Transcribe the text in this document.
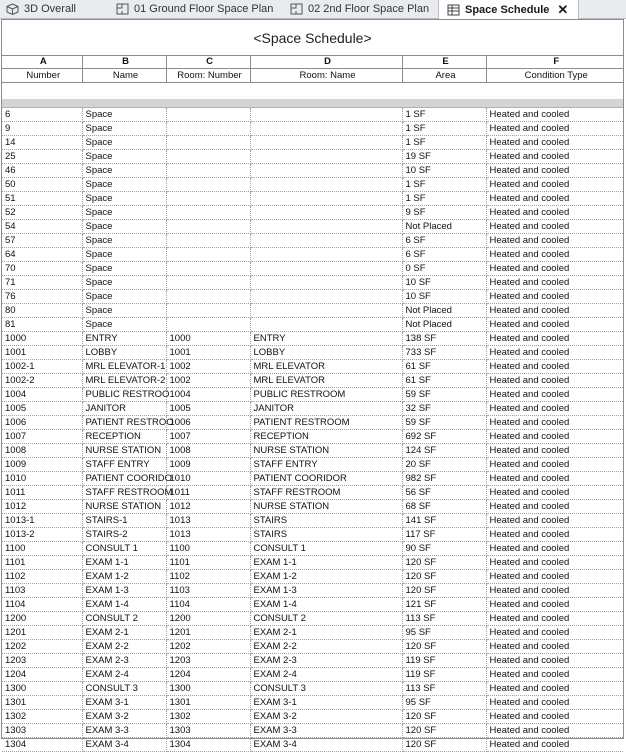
3D Overall	01 Ground Floor Space Plan	02 2nd Floor Space Plan	Space Schedule ✕
<Space Schedule>
A	B	C	D	E	F
Number	Name	Room: Number	Room: Name	Area	Condition Type
6	Space			1 SF	Heated and cooled
9	Space			1 SF	Heated and cooled
14	Space			1 SF	Heated and cooled
25	Space			19 SF	Heated and cooled
46	Space			10 SF	Heated and cooled
50	Space			1 SF	Heated and cooled
51	Space			1 SF	Heated and cooled
52	Space			9 SF	Heated and cooled
54	Space			Not Placed	Heated and cooled
57	Space			6 SF	Heated and cooled
64	Space			6 SF	Heated and cooled
70	Space			0 SF	Heated and cooled
71	Space			10 SF	Heated and cooled
76	Space			10 SF	Heated and cooled
80	Space			Not Placed	Heated and cooled
81	Space			Not Placed	Heated and cooled
1000	ENTRY	1000	ENTRY	138 SF	Heated and cooled
1001	LOBBY	1001	LOBBY	733 SF	Heated and cooled
1002-1	MRL ELEVATOR-1	1002	MRL ELEVATOR	61 SF	Heated and cooled
1002-2	MRL ELEVATOR-2	1002	MRL ELEVATOR	61 SF	Heated and cooled
1004	PUBLIC RESTROO	1004	PUBLIC RESTROOM	59 SF	Heated and cooled
1005	JANITOR	1005	JANITOR	32 SF	Heated and cooled
1006	PATIENT RESTROO	1006	PATIENT RESTROOM	59 SF	Heated and cooled
1007	RECEPTION	1007	RECEPTION	692 SF	Heated and cooled
1008	NURSE STATION	1008	NURSE STATION	124 SF	Heated and cooled
1009	STAFF ENTRY	1009	STAFF ENTRY	20 SF	Heated and cooled
1010	PATIENT COORIDO	1010	PATIENT COORIDOR	982 SF	Heated and cooled
1011	STAFF RESTROOM	1011	STAFF RESTROOM	56 SF	Heated and cooled
1012	NURSE STATION	1012	NURSE STATION	68 SF	Heated and cooled
1013-1	STAIRS-1	1013	STAIRS	141 SF	Heated and cooled
1013-2	STAIRS-2	1013	STAIRS	117 SF	Heated and cooled
1100	CONSULT 1	1100	CONSULT 1	90 SF	Heated and cooled
1101	EXAM 1-1	1101	EXAM 1-1	120 SF	Heated and cooled
1102	EXAM 1-2	1102	EXAM 1-2	120 SF	Heated and cooled
1103	EXAM 1-3	1103	EXAM 1-3	120 SF	Heated and cooled
1104	EXAM 1-4	1104	EXAM 1-4	121 SF	Heated and cooled
1200	CONSULT 2	1200	CONSULT 2	113 SF	Heated and cooled
1201	EXAM 2-1	1201	EXAM 2-1	95 SF	Heated and cooled
1202	EXAM 2-2	1202	EXAM 2-2	120 SF	Heated and cooled
1203	EXAM 2-3	1203	EXAM 2-3	119 SF	Heated and cooled
1204	EXAM 2-4	1204	EXAM 2-4	119 SF	Heated and cooled
1300	CONSULT 3	1300	CONSULT 3	113 SF	Heated and cooled
1301	EXAM 3-1	1301	EXAM 3-1	95 SF	Heated and cooled
1302	EXAM 3-2	1302	EXAM 3-2	120 SF	Heated and cooled
1303	EXAM 3-3	1303	EXAM 3-3	120 SF	Heated and cooled
1304	EXAM 3-4	1304	EXAM 3-4	120 SF	Heated and cooled
